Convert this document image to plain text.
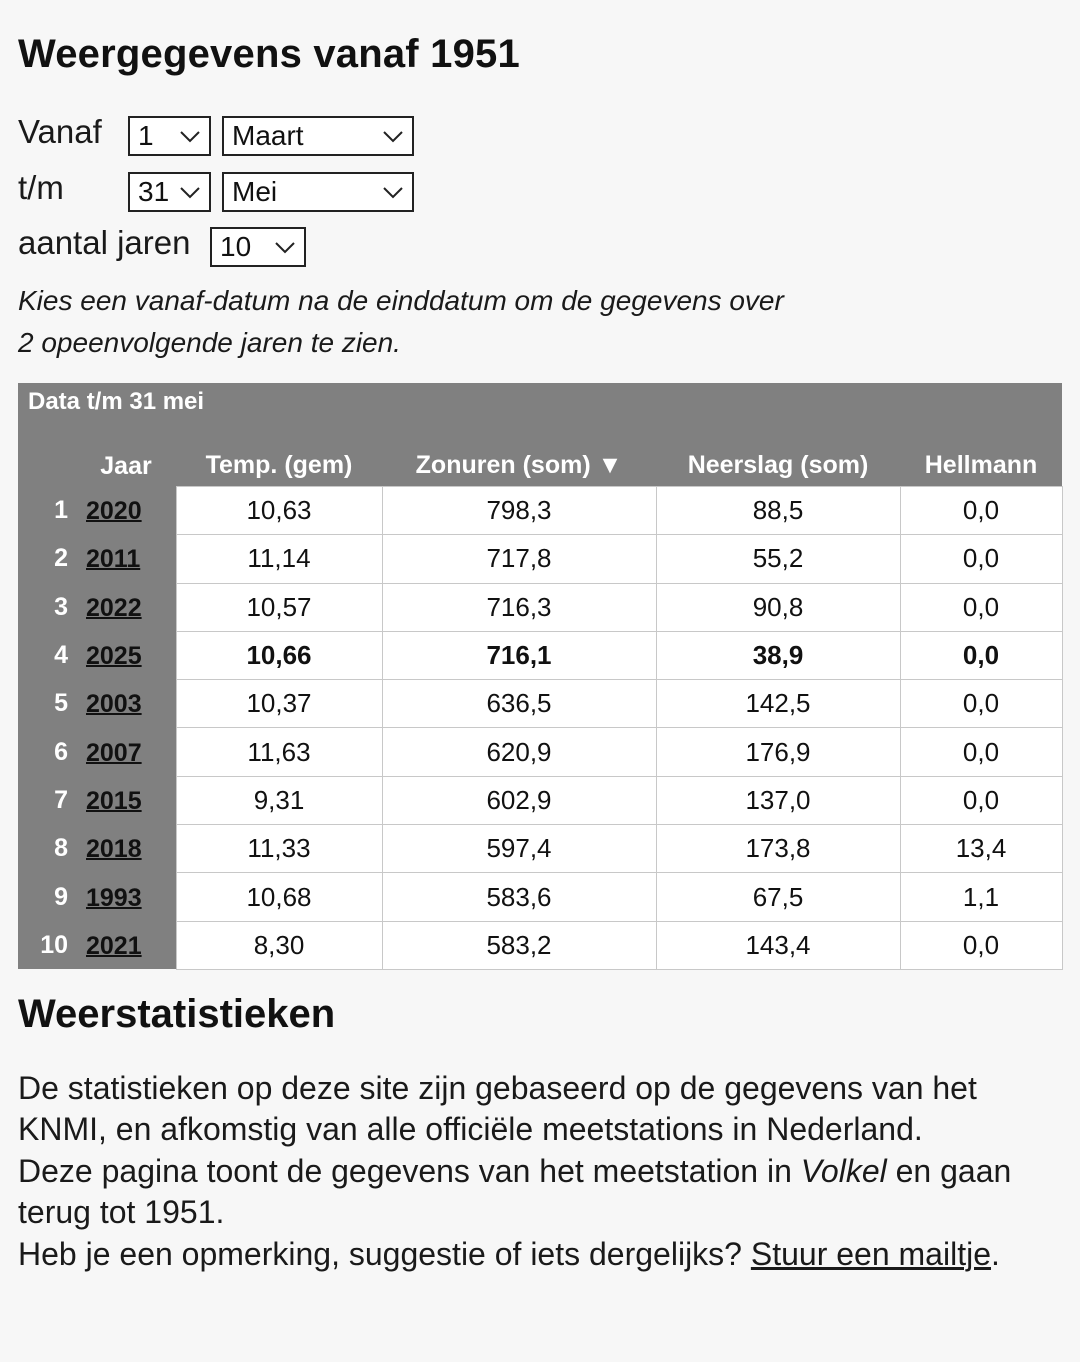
Weergegevens vanaf 1951
Vanaf	1	Maart
t/m	31	Mei
aantal jaren	10
Kies een vanaf-datum na de einddatum om de gegevens over
2 opeenvolgende jaren te zien.
Data t/m 31 mei
	Jaar	Temp. (gem)	Zonuren (som) ▼	Neerslag (som)	Hellmann
1	2020	10,63	798,3	88,5	0,0
2	2011	11,14	717,8	55,2	0,0
3	2022	10,57	716,3	90,8	0,0
4	2025	10,66	716,1	38,9	0,0
5	2003	10,37	636,5	142,5	0,0
6	2007	11,63	620,9	176,9	0,0
7	2015	9,31	602,9	137,0	0,0
8	2018	11,33	597,4	173,8	13,4
9	1993	10,68	583,6	67,5	1,1
10	2021	8,30	583,2	143,4	0,0
Weerstatistieken
De statistieken op deze site zijn gebaseerd op de gegevens van het KNMI, en afkomstig van alle officiële meetstations in Nederland.
Deze pagina toont de gegevens van het meetstation in Volkel en gaan terug tot 1951.
Heb je een opmerking, suggestie of iets dergelijks? Stuur een mailtje.
